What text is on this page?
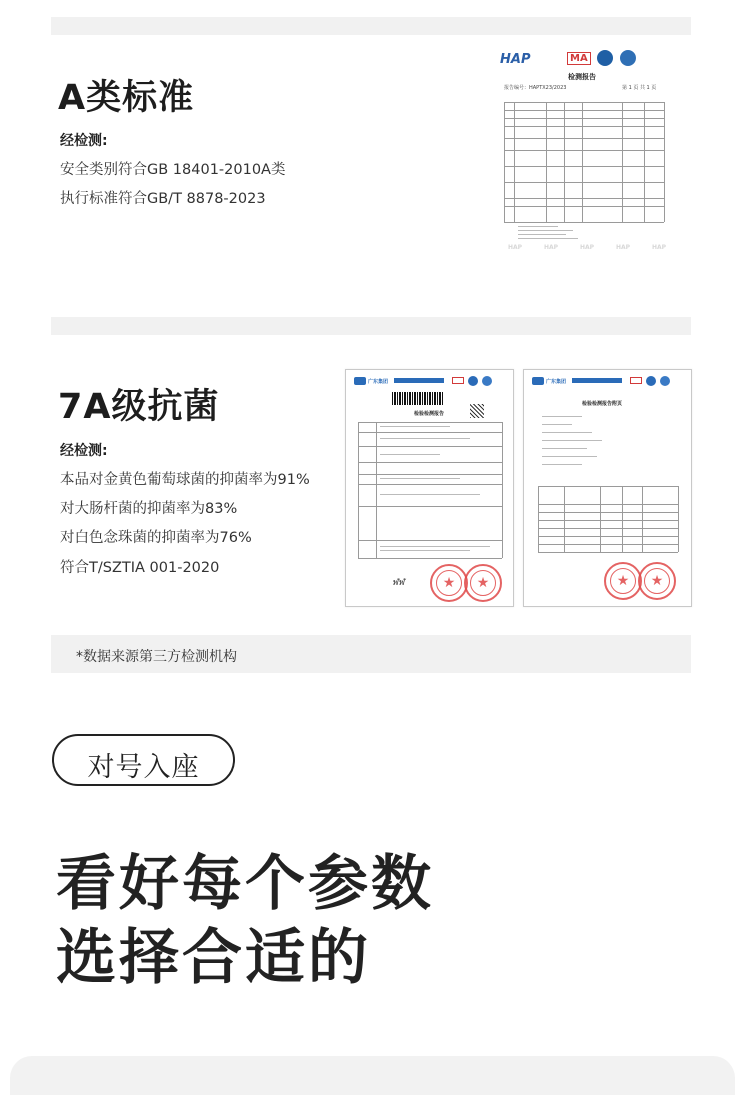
A类标准
经检测:
安全类别符合GB 18401-2010A类
执行标准符合GB/T 8878-2023
HAP	MA
检测报告
报告编号：HAPTX23/2023	第 1 页 共 1 页
HAP	HAP	HAP	HAP	HAP
7A级抗菌
经检测:
本品对金黄色葡萄球菌的抑菌率为91%
对大肠杆菌的抑菌率为83%
对白色念珠菌的抑菌率为76%
符合T/SZTIA 001-2020
广东集团
检验检测报告
ฬฬ
★
★
广东集团
检验检测报告附页
★
★
*数据来源第三方检测机构
对号入座
看好每个参数
选择合适的
